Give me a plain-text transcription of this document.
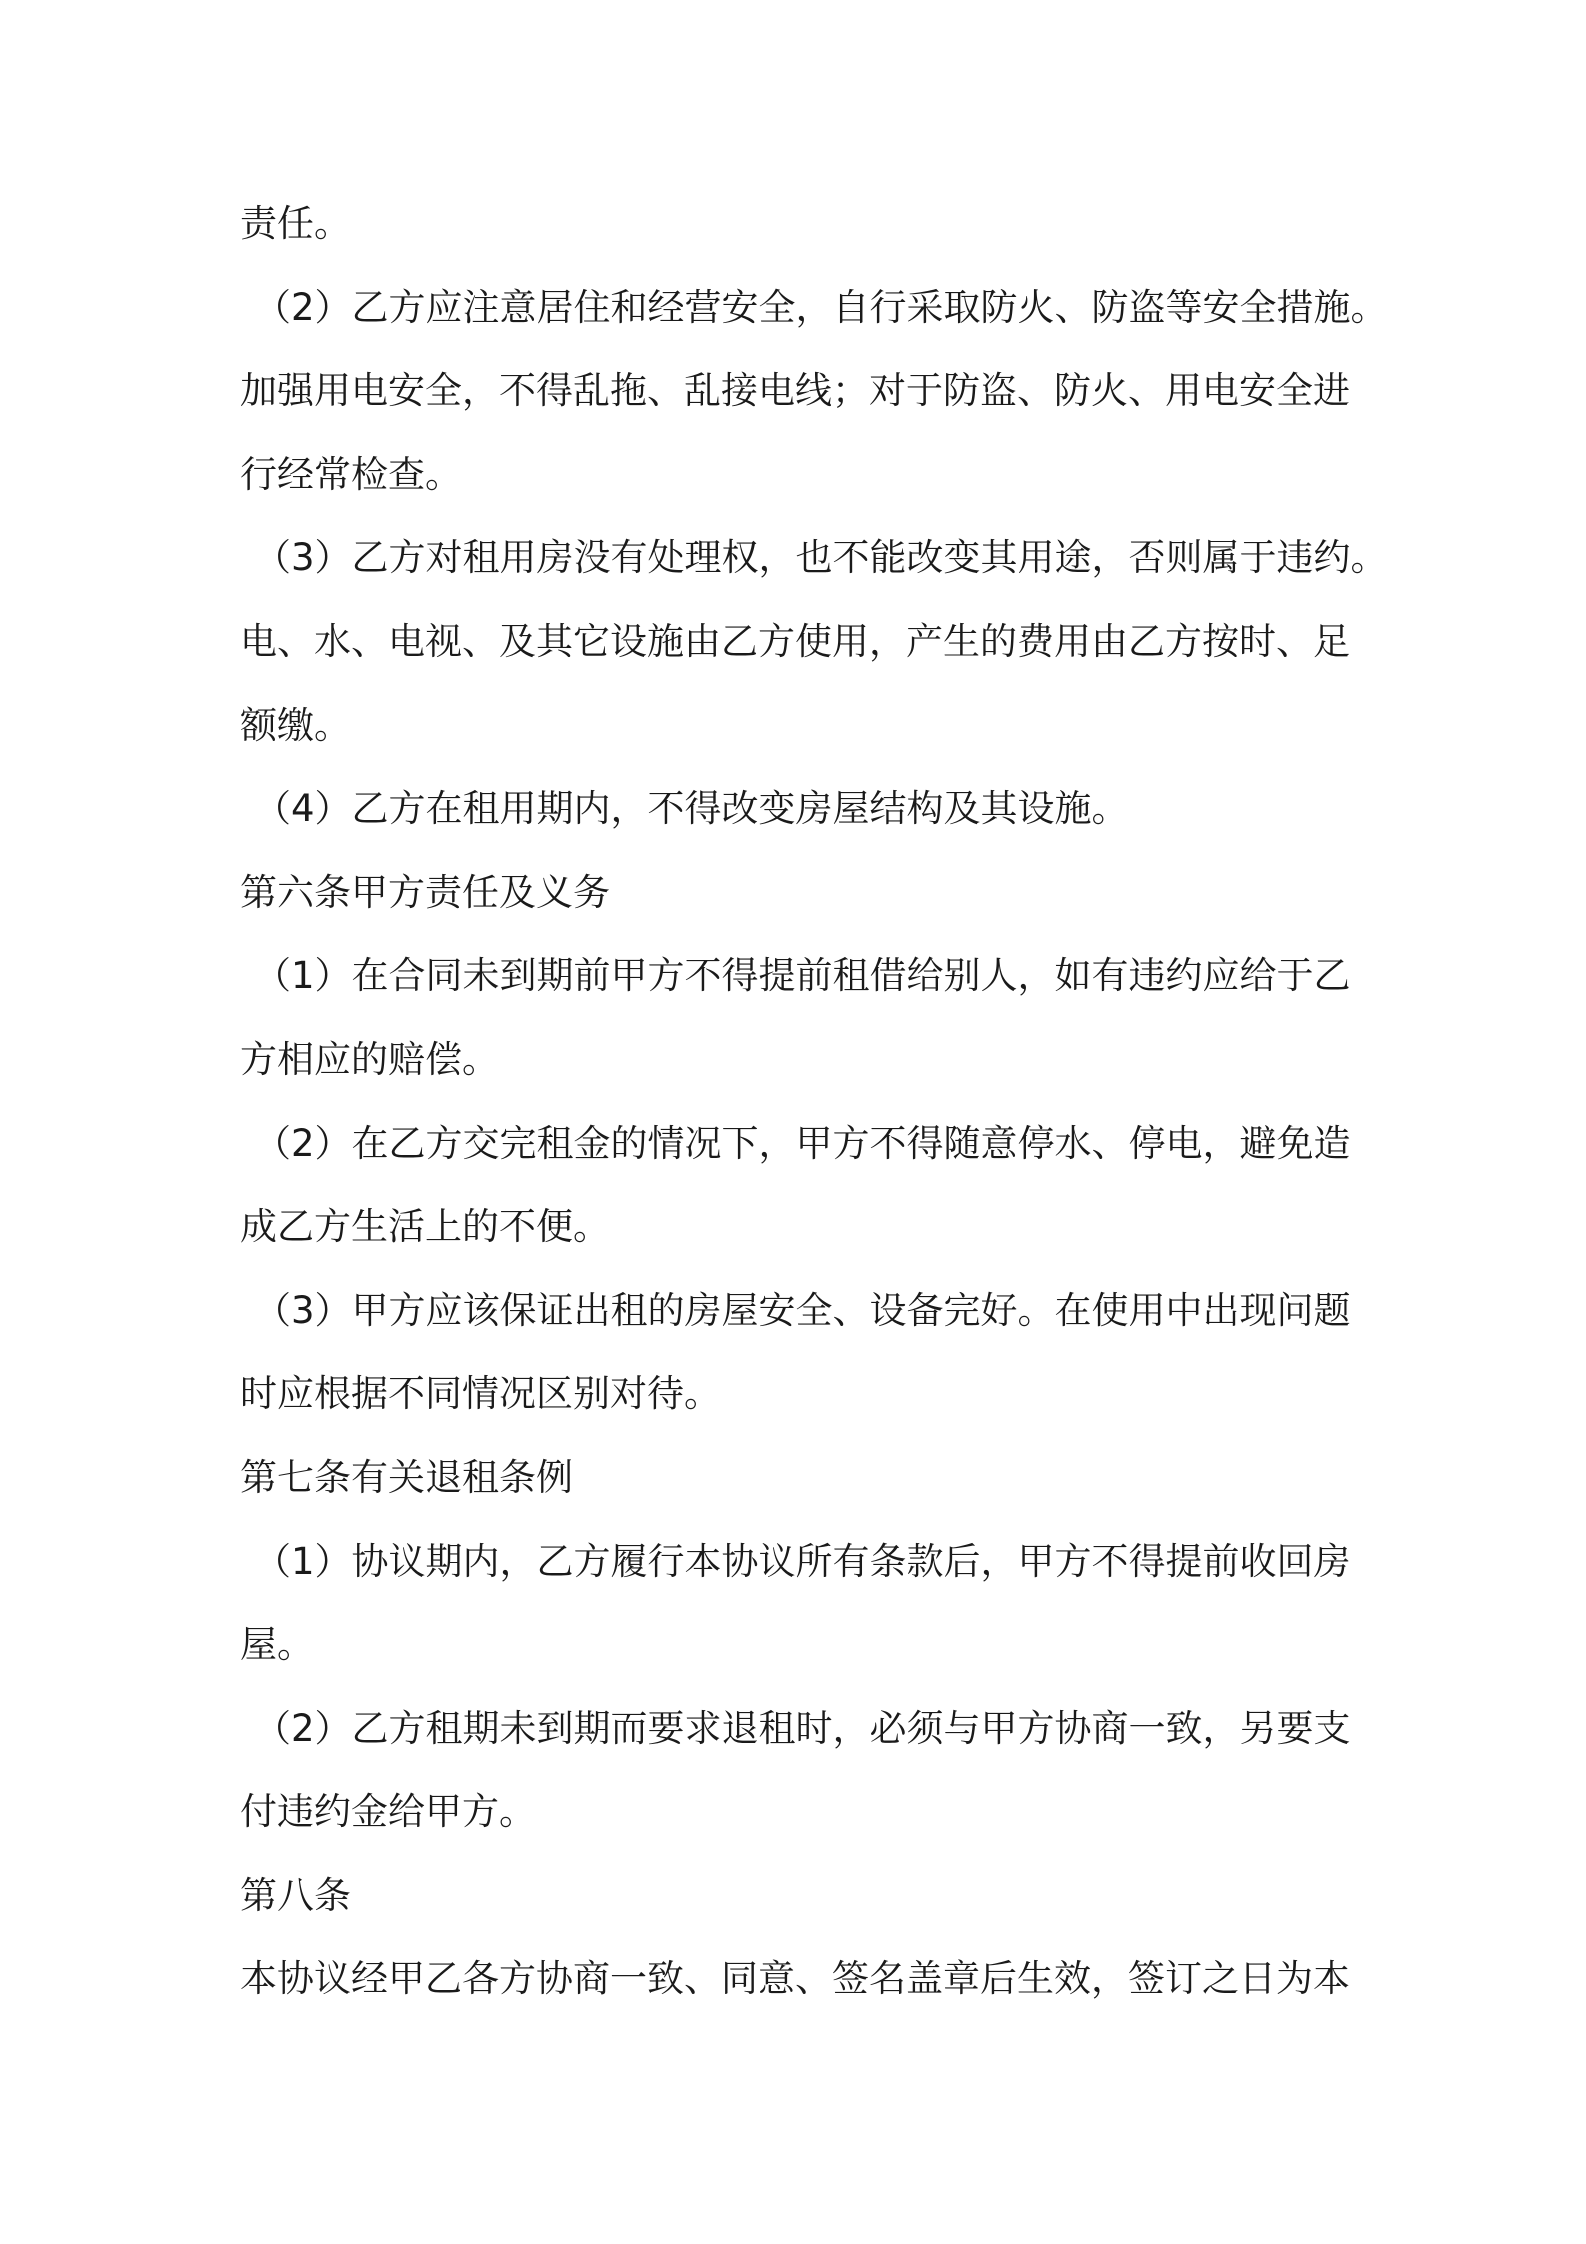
责任。
（2）乙方应注意居住和经营安全，自行采取防火、防盗等安全措施。
加强用电安全，不得乱拖、乱接电线；对于防盗、防火、用电安全进
行经常检查。
（3）乙方对租用房没有处理权，也不能改变其用途，否则属于违约。
电、水、电视、及其它设施由乙方使用，产生的费用由乙方按时、足
额缴。
（4）乙方在租用期内，不得改变房屋结构及其设施。
第六条甲方责任及义务
（1）在合同未到期前甲方不得提前租借给别人，如有违约应给于乙
方相应的赔偿。
（2）在乙方交完租金的情况下，甲方不得随意停水、停电，避免造
成乙方生活上的不便。
（3）甲方应该保证出租的房屋安全、设备完好。在使用中出现问题
时应根据不同情况区别对待。
第七条有关退租条例
（1）协议期内，乙方履行本协议所有条款后，甲方不得提前收回房
屋。
（2）乙方租期未到期而要求退租时，必须与甲方协商一致，另要支
付违约金给甲方。
第八条
本协议经甲乙各方协商一致、同意、签名盖章后生效，签订之日为本
